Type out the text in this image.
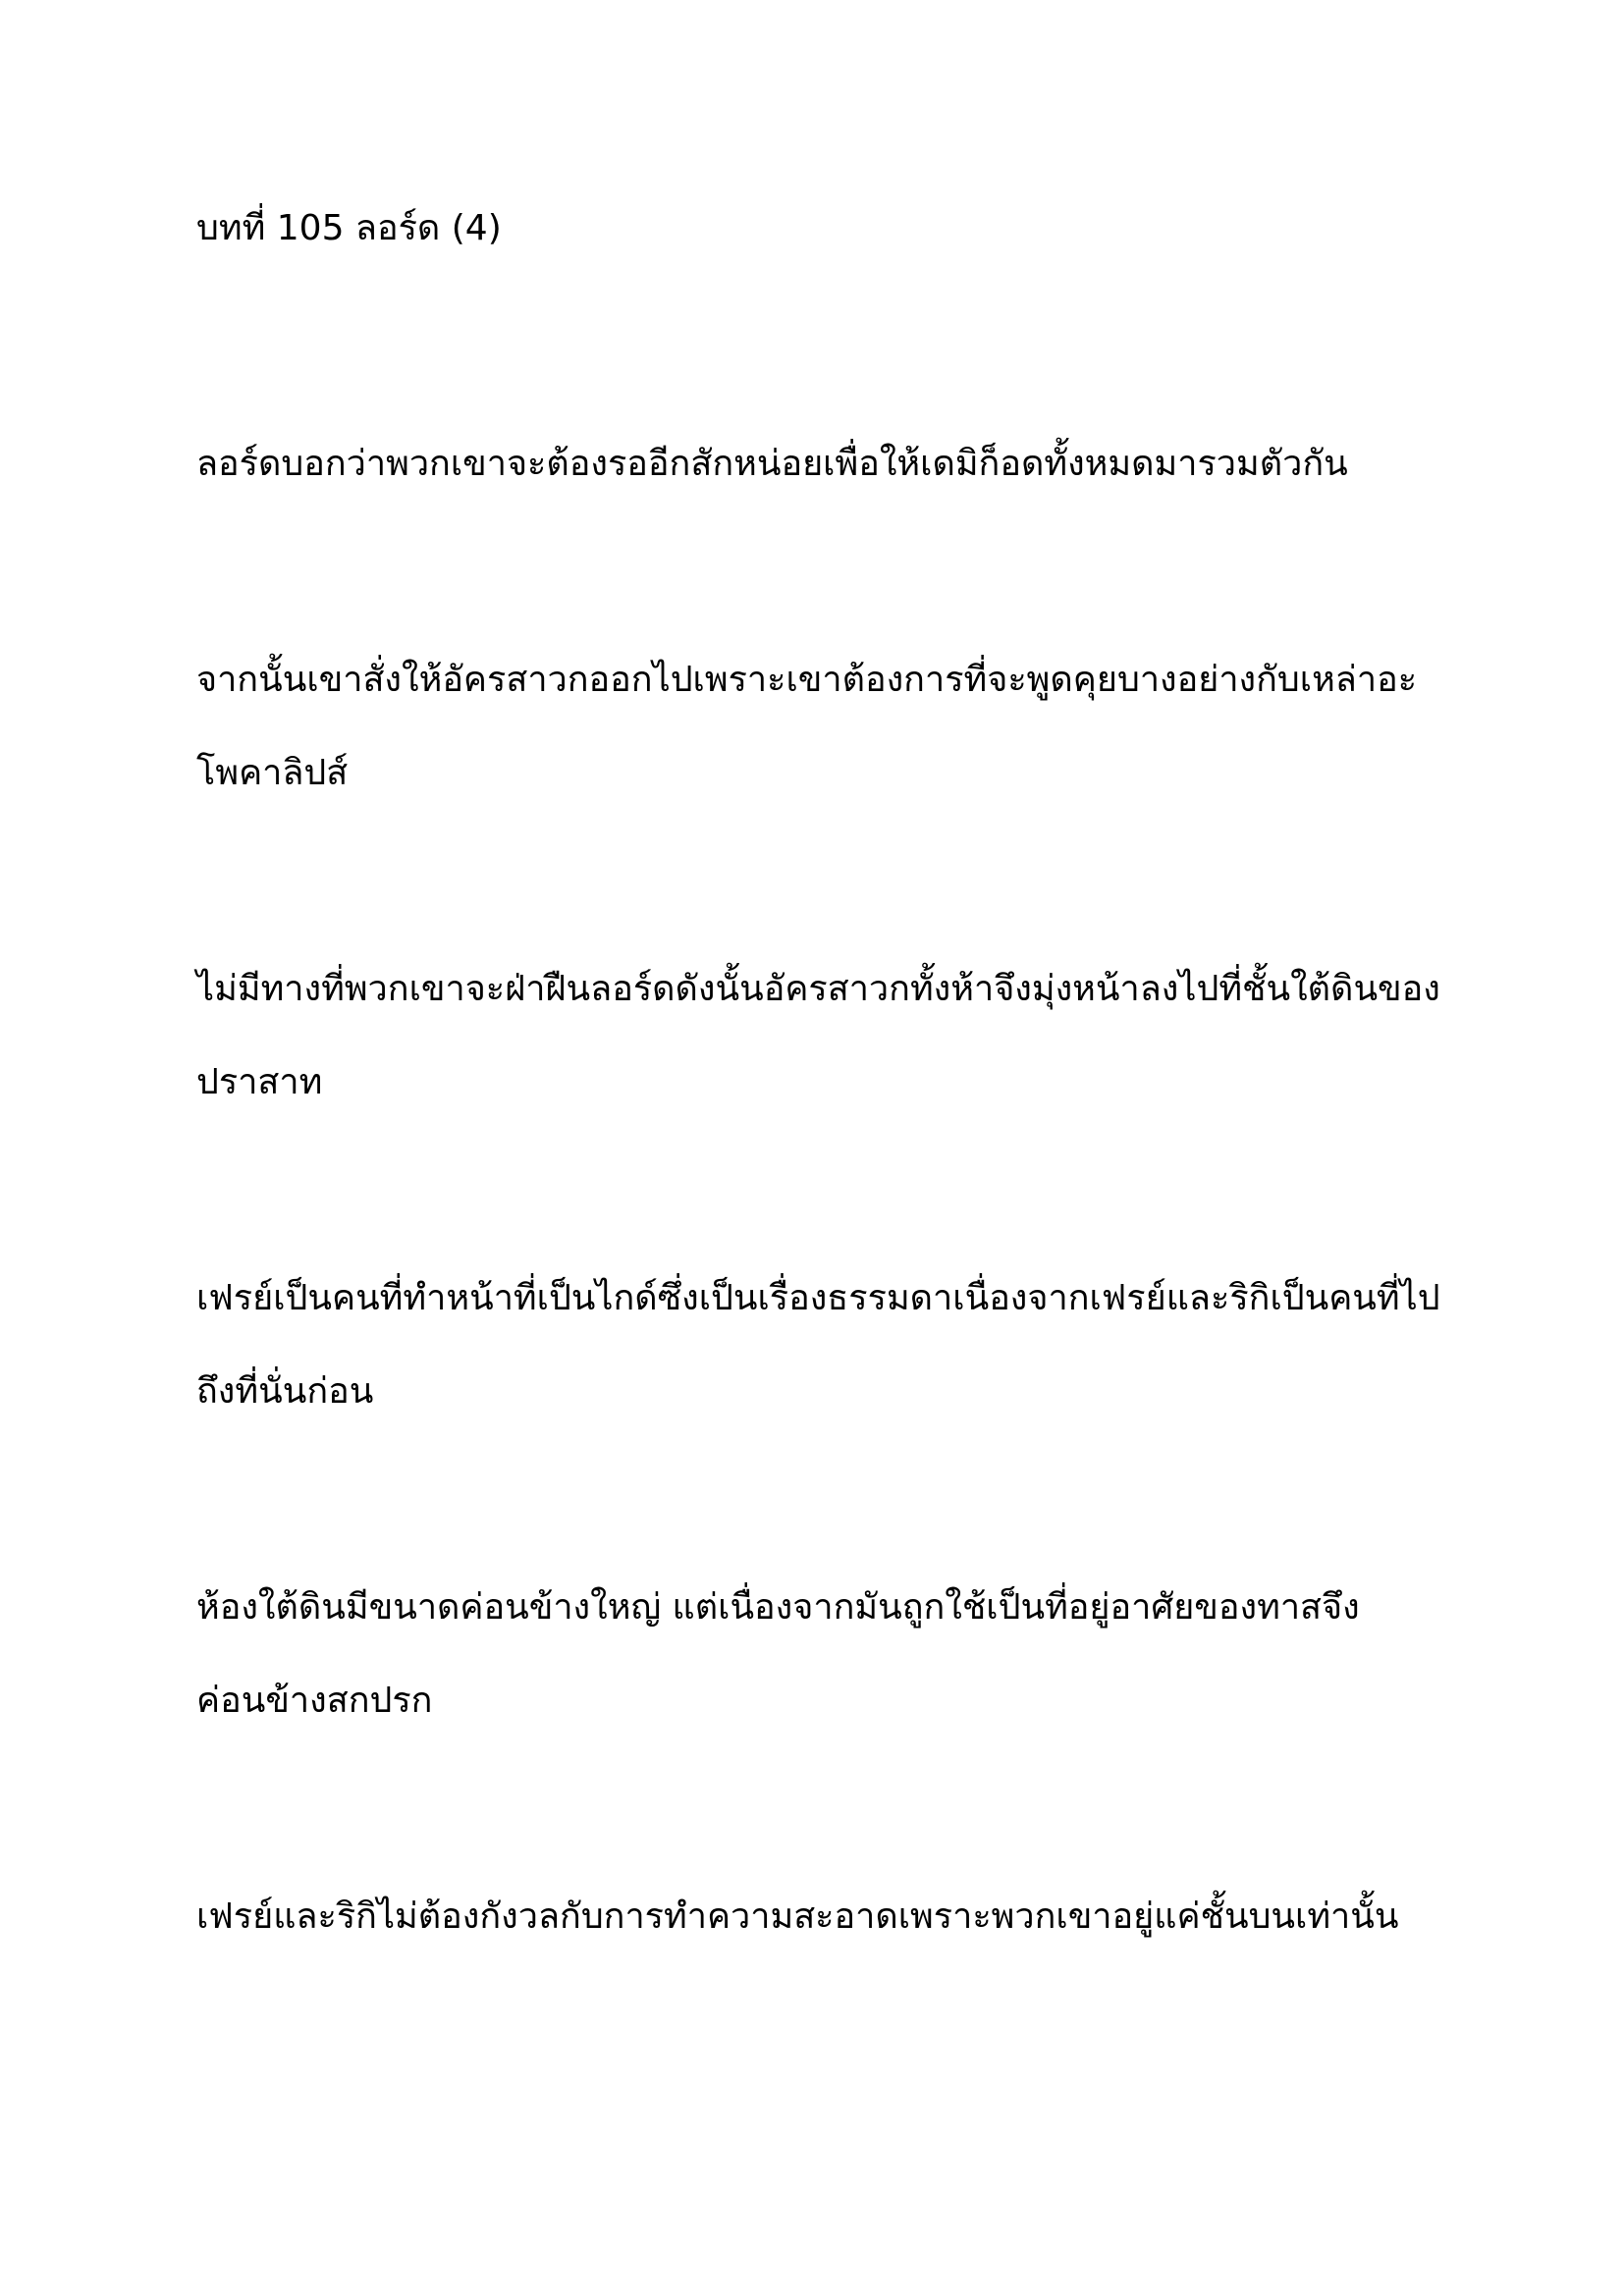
บทที่ 105 ลอร์ด (4)

ลอร์ดบอกว่าพวกเขาจะต้องรออีกสักหน่อยเพื่อให้เดมิก็อดทั้งหมดมารวมตัวกัน

จากนั้นเขาสั่งให้อัครสาวกออกไปเพราะเขาต้องการที่จะพูดคุยบางอย่างกับเหล่าอะ

โพคาลิปส์

ไม่มีทางที่พวกเขาจะฝ่าฝืนลอร์ดดังนั้นอัครสาวกทั้งห้าจึงมุ่งหน้าลงไปที่ชั้นใต้ดินของ

ปราสาท

เฟรย์เป็นคนที่ทำหน้าที่เป็นไกด์ซึ่งเป็นเรื่องธรรมดาเนื่องจากเฟรย์และริกิเป็นคนที่ไป

ถึงที่นั่นก่อน

ห้องใต้ดินมีขนาดค่อนข้างใหญ่ แต่เนื่องจากมันถูกใช้เป็นที่อยู่อาศัยของทาสจึง

ค่อนข้างสกปรก

เฟรย์และริกิไม่ต้องกังวลกับการทำความสะอาดเพราะพวกเขาอยู่แค่ชั้นบนเท่านั้น
